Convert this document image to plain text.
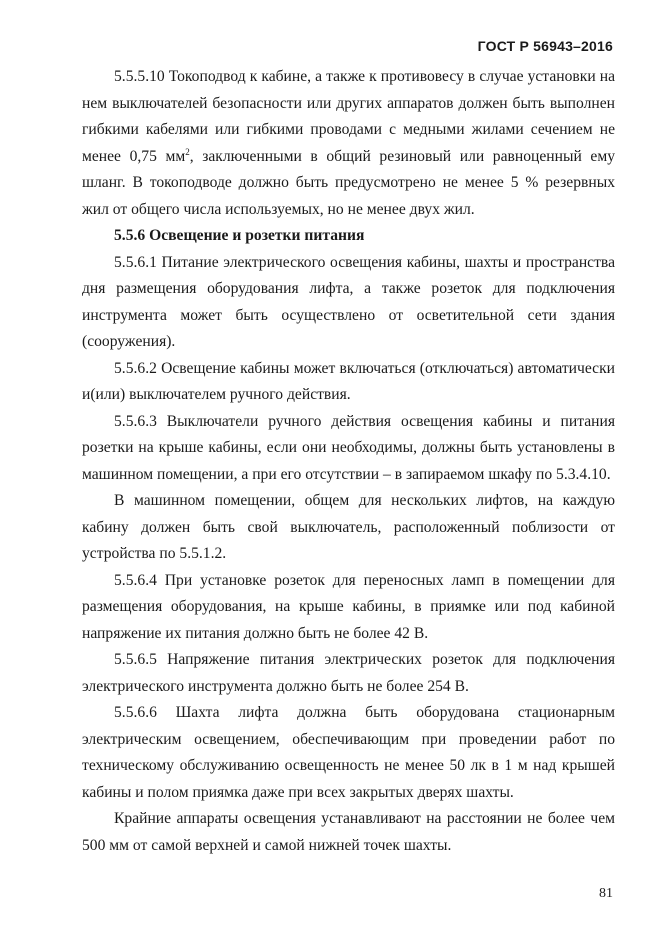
ГОСТ Р 56943–2016

5.5.5.10 Токоподвод к кабине, а также к противовесу в случае установки на нем выключателей безопасности или других аппаратов должен быть выполнен гибкими кабелями или гибкими проводами с медными жилами сечением не менее 0,75 $мм^2$, заключенными в общий резиновый или равноценный ему шланг. В токоподводе должно быть предусмотрено не менее 5 % резервных жил от общего числа используемых, но не менее двух жил.

5.5.6 Освещение и розетки питания

5.5.6.1 Питание электрического освещения кабины, шахты и пространства дня размещения оборудования лифта, а также розеток для подключения инструмента может быть осуществлено от осветительной сети здания (сооружения).

5.5.6.2 Освещение кабины может включаться (отключаться) автоматически и(или) выключателем ручного действия.

5.5.6.3 Выключатели ручного действия освещения кабины и питания розетки на крыше кабины, если они необходимы, должны быть установлены в машинном помещении, а при его отсутствии – в запираемом шкафу по 5.3.4.10.

В машинном помещении, общем для нескольких лифтов, на каждую кабину должен быть свой выключатель, расположенный поблизости от устройства по 5.5.1.2.

5.5.6.4 При установке розеток для переносных ламп в помещении для размещения оборудования, на крыше кабины, в приямке или под кабиной напряжение их питания должно быть не более 42 В.

5.5.6.5 Напряжение питания электрических розеток для подключения электрического инструмента должно быть не более 254 В.

5.5.6.6 Шахта лифта должна быть оборудована стационарным электрическим освещением, обеспечивающим при проведении работ по техническому обслуживанию освещенность не менее 50 лк в 1 м над крышей кабины и полом приямка даже при всех закрытых дверях шахты.

Крайние аппараты освещения устанавливают на расстоянии не более чем 500 мм от самой верхней и самой нижней точек шахты.

81
